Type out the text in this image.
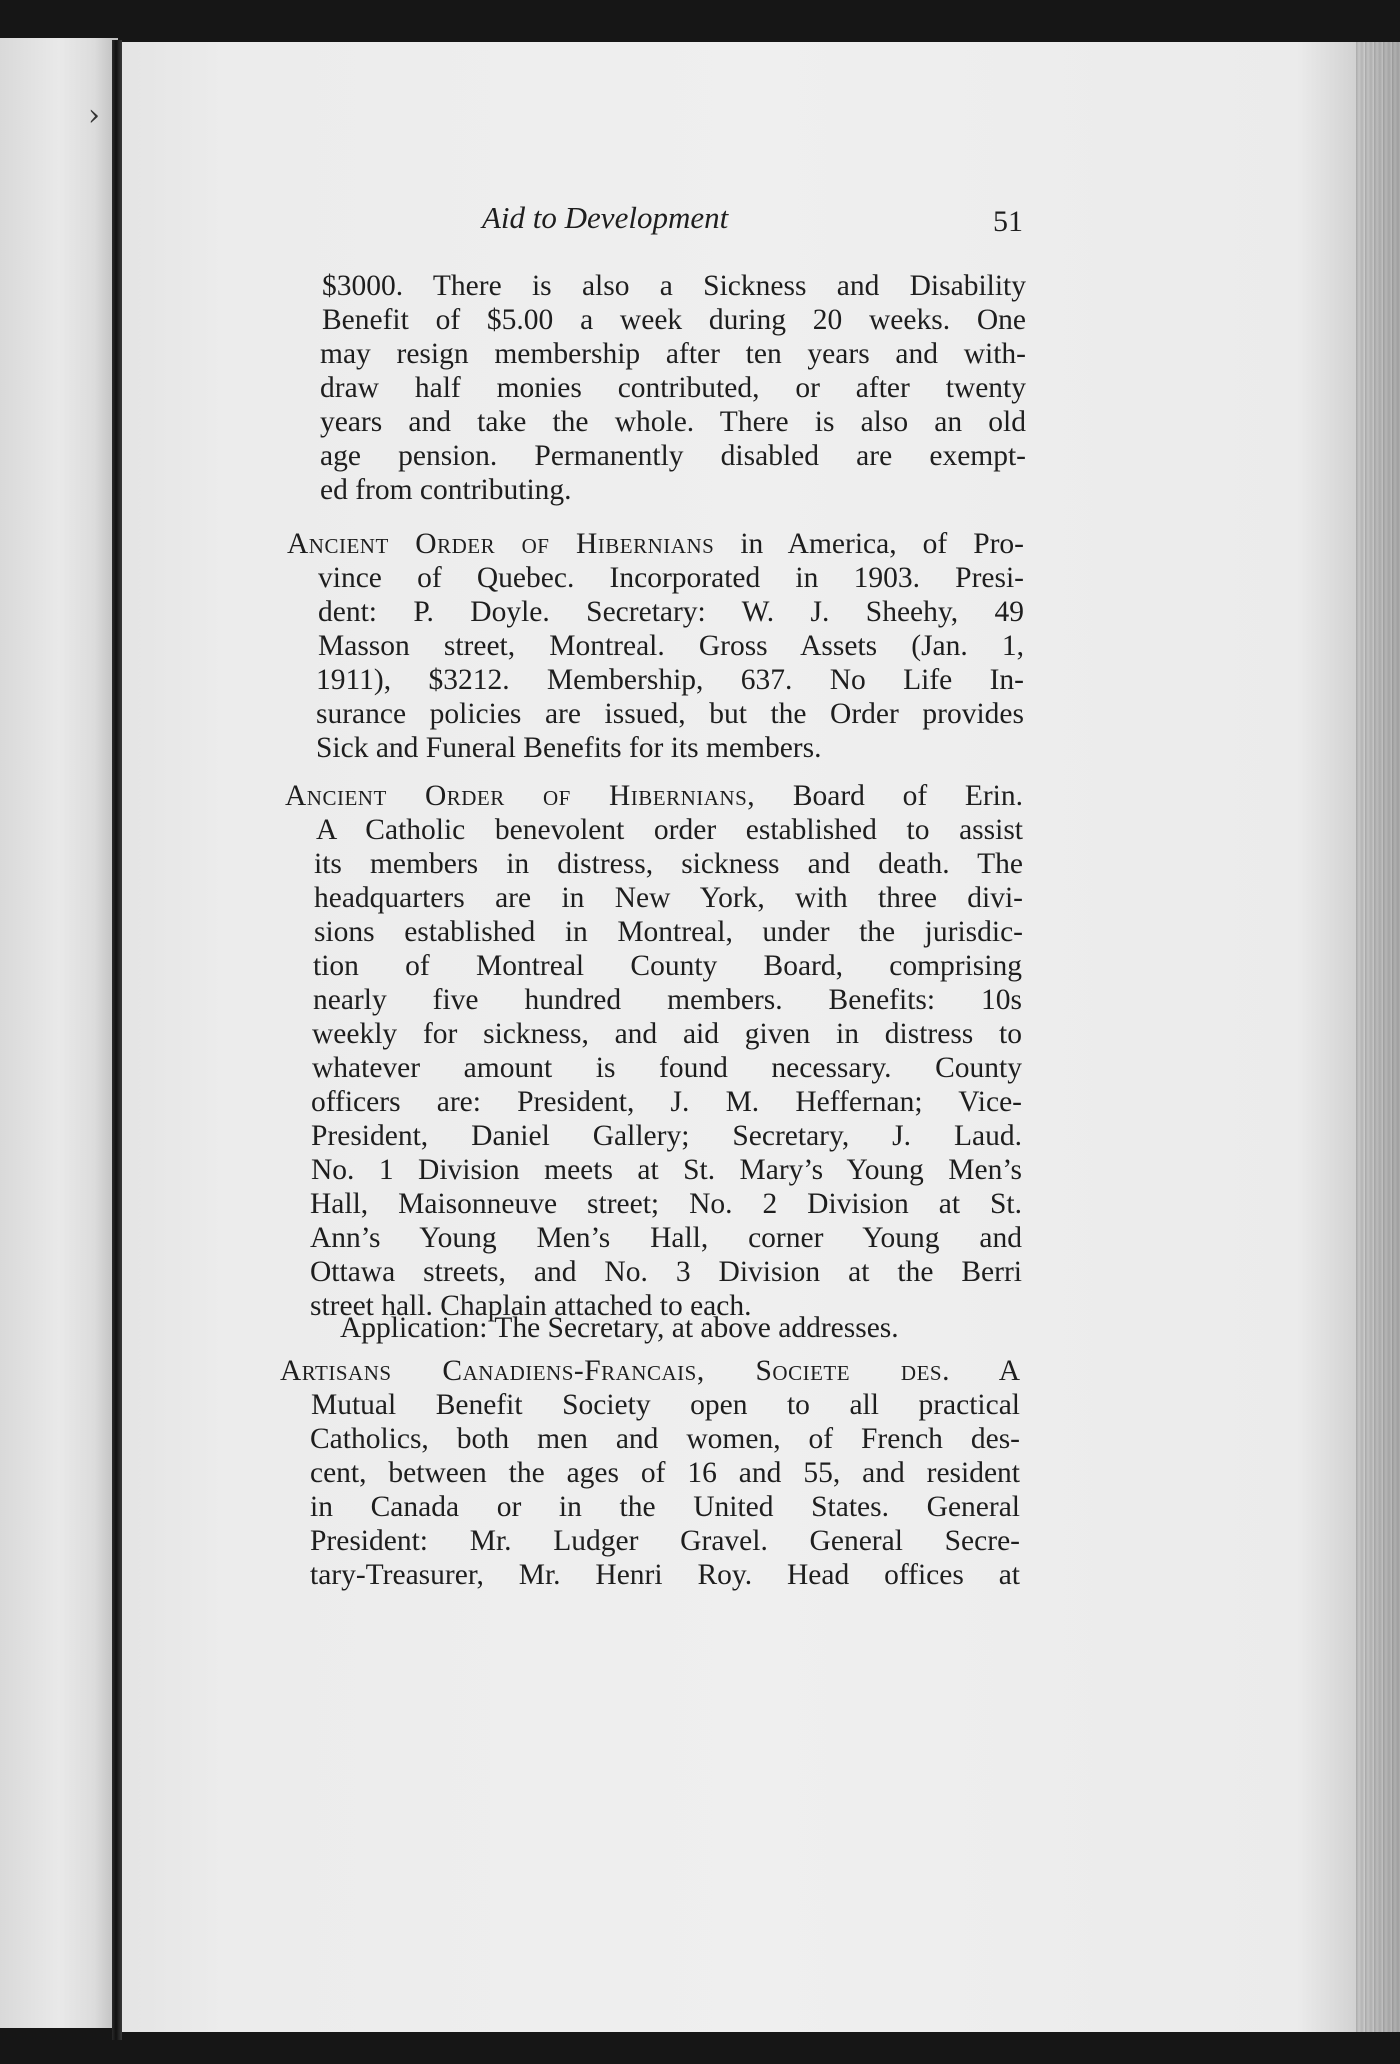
›
Aid to Development	51
$3000. There is also a Sickness and Disability
Benefit of $5.00 a week during 20 weeks. One
may resign membership after ten years and with-
draw half monies contributed, or after twenty
years and take the whole. There is also an old
age pension. Permanently disabled are exempt-
ed from contributing.
Ancient Order of Hibernians in America, of Pro-
vince of Quebec. Incorporated in 1903. Presi-
dent: P. Doyle. Secretary: W. J. Sheehy, 49
Masson street, Montreal. Gross Assets (Jan. 1,
1911), $3212. Membership, 637. No Life In-
surance policies are issued, but the Order provides
Sick and Funeral Benefits for its members.
Ancient Order of Hibernians, Board of Erin.
A Catholic benevolent order established to assist
its members in distress, sickness and death. The
headquarters are in New York, with three divi-
sions established in Montreal, under the jurisdic-
tion of Montreal County Board, comprising
nearly five hundred members. Benefits: 10s
weekly for sickness, and aid given in distress to
whatever amount is found necessary. County
officers are: President, J. M. Heffernan; Vice-
President, Daniel Gallery; Secretary, J. Laud.
No. 1 Division meets at St. Mary’s Young Men’s
Hall, Maisonneuve street; No. 2 Division at St.
Ann’s Young Men’s Hall, corner Young and
Ottawa streets, and No. 3 Division at the Berri
street hall. Chaplain attached to each.
Application: The Secretary, at above addresses.
Artisans Canadiens-Francais, Societe des. A
Mutual Benefit Society open to all practical
Catholics, both men and women, of French des-
cent, between the ages of 16 and 55, and resident
in Canada or in the United States. General
President: Mr. Ludger Gravel. General Secre-
tary-Treasurer, Mr. Henri Roy. Head offices at
